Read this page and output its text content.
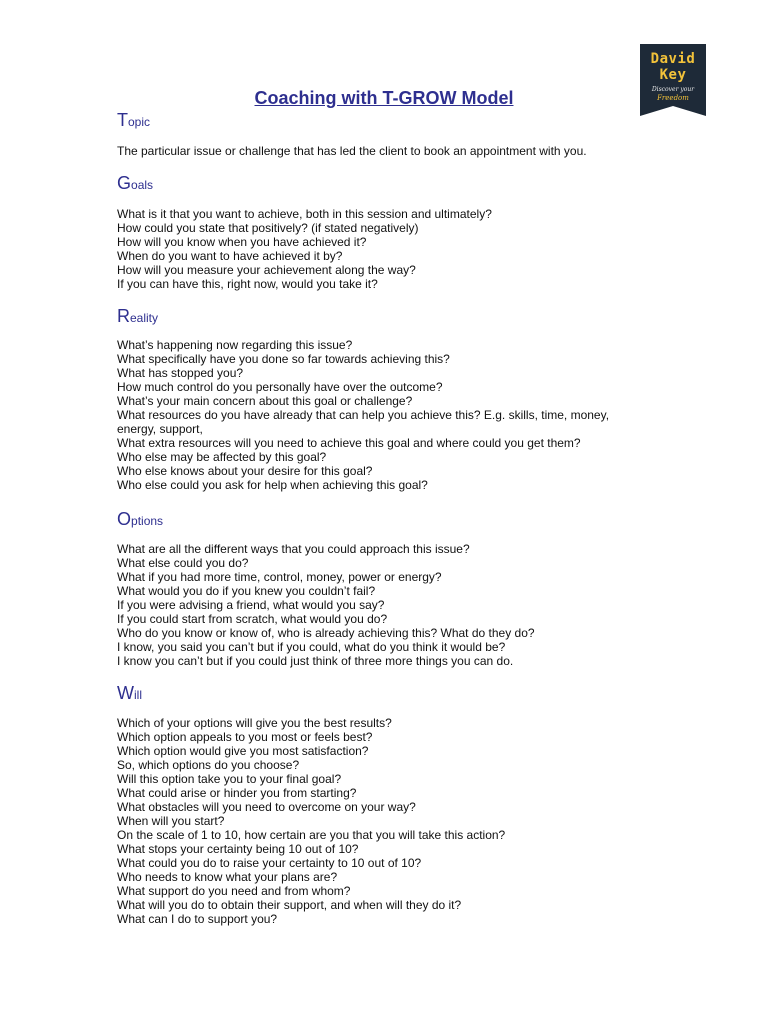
David
Key
Discover your
Freedom
Coaching with T-GROW Model
Topic
The particular issue or challenge that has led the client to book an appointment with you.
Goals
What is it that you want to achieve, both in this session and ultimately?
How could you state that positively? (if stated negatively)
How will you know when you have achieved it?
When do you want to have achieved it by?
How will you measure your achievement along the way?
If you can have this, right now, would you take it?
Reality
What’s happening now regarding this issue?
What specifically have you done so far towards achieving this?
What has stopped you?
How much control do you personally have over the outcome?
What’s your main concern about this goal or challenge?
What resources do you have already that can help you achieve this? E.g. skills, time, money,
energy, support,
What extra resources will you need to achieve this goal and where could you get them?
Who else may be affected by this goal?
Who else knows about your desire for this goal?
Who else could you ask for help when achieving this goal?
Options
What are all the different ways that you could approach this issue?
What else could you do?
What if you had more time, control, money, power or energy?
What would you do if you knew you couldn’t fail?
If you were advising a friend, what would you say?
If you could start from scratch, what would you do?
Who do you know or know of, who is already achieving this? What do they do?
I know, you said you can’t but if you could, what do you think it would be?
I know you can’t but if you could just think of three more things you can do.
Will
Which of your options will give you the best results?
Which option appeals to you most or feels best?
Which option would give you most satisfaction?
So, which options do you choose?
Will this option take you to your final goal?
What could arise or hinder you from starting?
What obstacles will you need to overcome on your way?
When will you start?
On the scale of 1 to 10, how certain are you that you will take this action?
What stops your certainty being 10 out of 10?
What could you do to raise your certainty to 10 out of 10?
Who needs to know what your plans are?
What support do you need and from whom?
What will you do to obtain their support, and when will they do it?
What can I do to support you?
